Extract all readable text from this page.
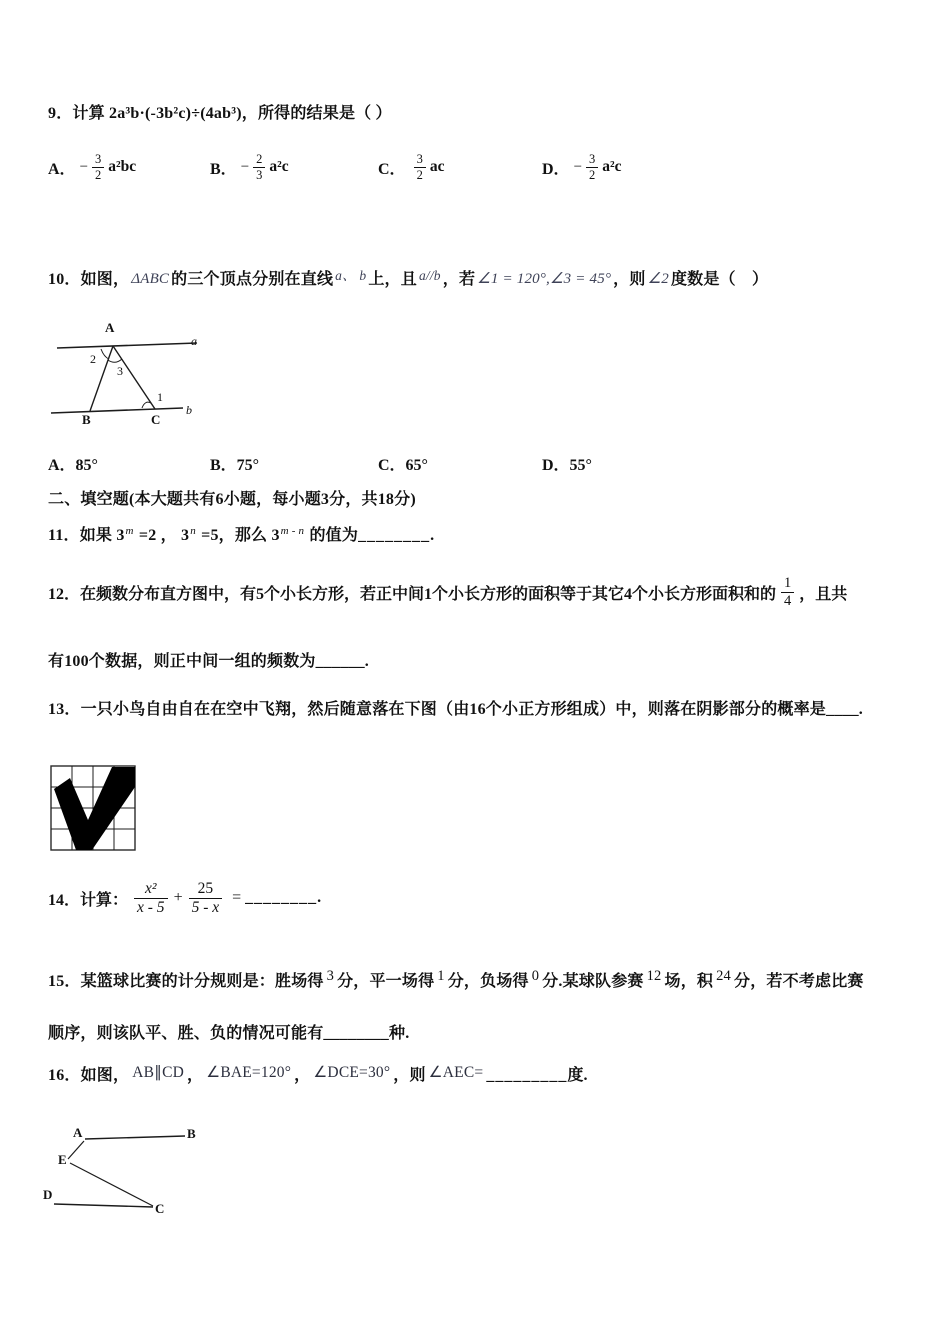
9．计算 2a³b·(-3b²c)÷(4ab³)，所得的结果是（ ）
A． − $\frac{3}{2} a^2bc$	B． − $\frac{2}{3} a^2c$	C． $\frac{3}{2}$ ac	D． − $\frac{3}{2} a^2c$
10．如图， ΔABC 的三个顶点分别在直线 $^{a、 b}$ 上，且 $^{a//b}$ ，若 ∠1 = 120°,∠3 = 45° ，则 ∠2 度数是（　）
a
b
A
B	C
2
3
1
A．85°	B．75°	C．65°	D．55°
二、填空题(本大题共有6小题，每小题3分，共18分)
11．如果 $3^m =2$ ， $3^n =5$，那么 3$^{m - n}$ 的值为________.
12．在频数分布直方图中，有5个小长方形，若正中间1个小长方形的面积等于其它4个小长方形面积和的 $\frac{1}{4}$ ，且共
有100个数据，则正中间一组的频数为______.
13．一只小鸟自由自在在空中飞翔，然后随意落在下图（由16个小正方形组成）中，则落在阴影部分的概率是____.
14．计算： $\frac{\text{x²}}{x - 5} + \frac{25}{5 - x}$ = ________ .
15．某篮球比赛的计分规则是：胜场得 3 分，平一场得 1 分，负场得 0 分.某球队参赛 12 场，积 24 分，若不考虑比赛
顺序，则该队平、胜、负的情况可能有________种.
16．如图， AB∥CD ， ∠BAE=120° ， ∠DCE=30° ，则 ∠AEC= _________度.
A	B
E
D
C
